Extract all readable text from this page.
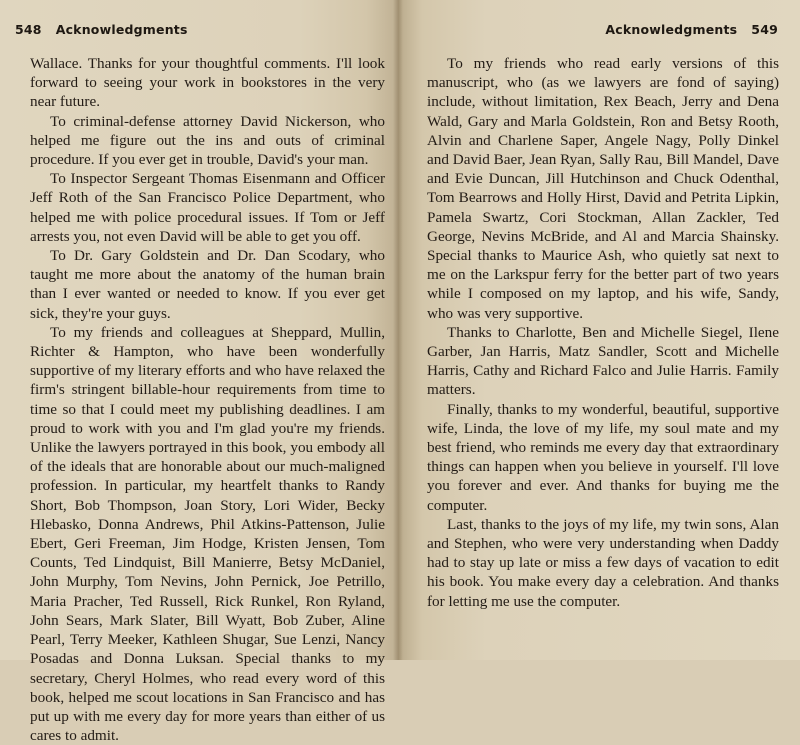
548 Acknowledgments

Wallace. Thanks for your thoughtful comments. I'll look forward to seeing your work in bookstores in the very near future.

To criminal-defense attorney David Nickerson, who helped me figure out the ins and outs of criminal procedure. If you ever get in trouble, David's your man.

To Inspector Sergeant Thomas Eisenmann and Officer Jeff Roth of the San Francisco Police Department, who helped me with police procedural issues. If Tom or Jeff arrests you, not even David will be able to get you off.

To Dr. Gary Goldstein and Dr. Dan Scodary, who taught me more about the anatomy of the human brain than I ever wanted or needed to know. If you ever get sick, they're your guys.

To my friends and colleagues at Sheppard, Mullin, Richter & Hampton, who have been wonderfully supportive of my literary efforts and who have relaxed the firm's stringent billable-hour requirements from time to time so that I could meet my publishing deadlines. I am proud to work with you and I'm glad you're my friends. Unlike the lawyers portrayed in this book, you embody all of the ideals that are honorable about our much-maligned profession. In particular, my heartfelt thanks to Randy Short, Bob Thompson, Joan Story, Lori Wider, Becky Hlebasko, Donna Andrews, Phil Atkins-Pattenson, Julie Ebert, Geri Freeman, Jim Hodge, Kristen Jensen, Tom Counts, Ted Lindquist, Bill Manierre, Betsy McDaniel, John Murphy, Tom Nevins, John Pernick, Joe Petrillo, Maria Pracher, Ted Russell, Rick Runkel, Ron Ryland, John Sears, Mark Slater, Bill Wyatt, Bob Zuber, Aline Pearl, Terry Meeker, Kathleen Shugar, Sue Lenzi, Nancy Posadas and Donna Luksan. Special thanks to my secretary, Cheryl Holmes, who read every word of this book, helped me scout locations in San Francisco and has put up with me every day for more years than either of us cares to admit.

Acknowledgments 549

To my friends who read early versions of this manuscript, who (as we lawyers are fond of saying) include, without limitation, Rex Beach, Jerry and Dena Wald, Gary and Marla Goldstein, Ron and Betsy Rooth, Alvin and Charlene Saper, Angele Nagy, Polly Dinkel and David Baer, Jean Ryan, Sally Rau, Bill Mandel, Dave and Evie Duncan, Jill Hutchinson and Chuck Odenthal, Tom Bearrows and Holly Hirst, David and Petrita Lipkin, Pamela Swartz, Cori Stockman, Allan Zackler, Ted George, Nevins McBride, and Al and Marcia Shainsky. Special thanks to Maurice Ash, who quietly sat next to me on the Larkspur ferry for the better part of two years while I composed on my laptop, and his wife, Sandy, who was very supportive.

Thanks to Charlotte, Ben and Michelle Siegel, Ilene Garber, Jan Harris, Matz Sandler, Scott and Michelle Harris, Cathy and Richard Falco and Julie Harris. Family matters.

Finally, thanks to my wonderful, beautiful, supportive wife, Linda, the love of my life, my soul mate and my best friend, who reminds me every day that extraordinary things can happen when you believe in yourself. I'll love you forever and ever. And thanks for buying me the computer.

Last, thanks to the joys of my life, my twin sons, Alan and Stephen, who were very understanding when Daddy had to stay up late or miss a few days of vacation to edit his book. You make every day a celebration. And thanks for letting me use the computer.
